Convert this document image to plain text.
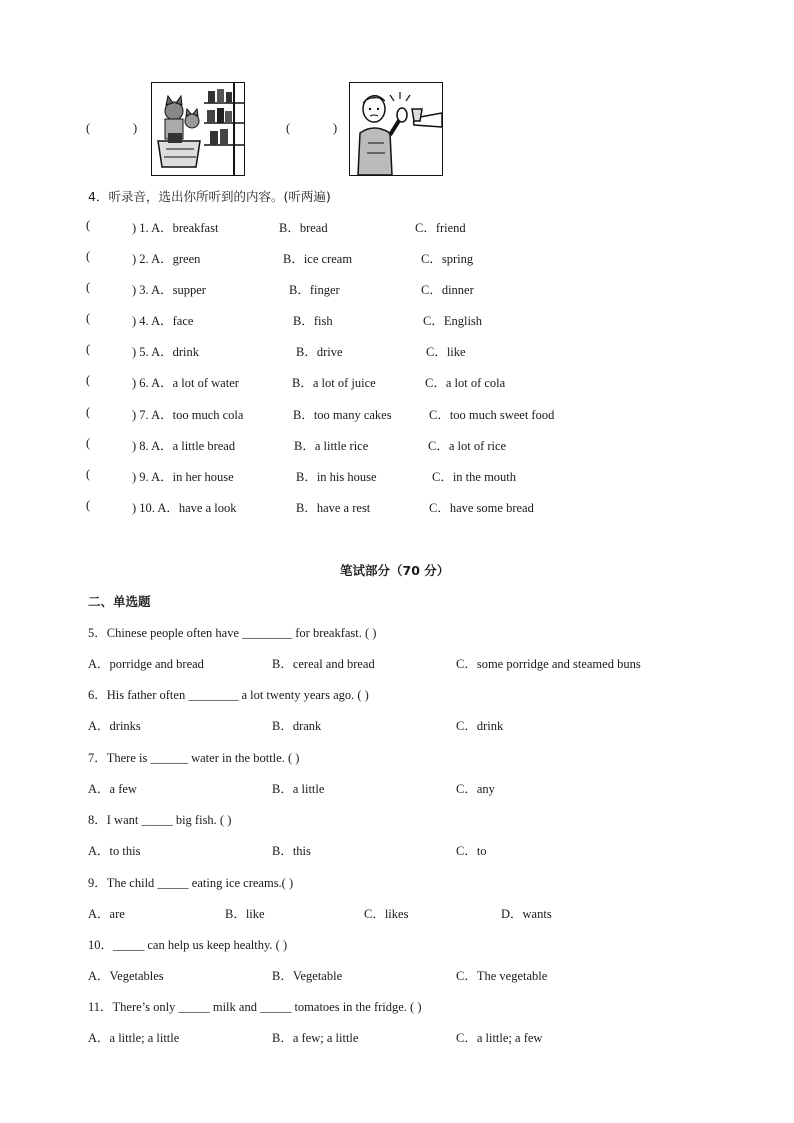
(	)	(	)
4．听录音，选出你所听到的内容。(听两遍)
(	) 1. A．breakfast	B．bread	C．friend
(	) 2. A．green	B．ice cream	C．spring
(	) 3. A．supper	B．finger	C．dinner
(	) 4. A．face	B．fish	C．English
(	) 5. A．drink	B．drive	C．like
(	) 6. A．a lot of water	B．a lot of juice	C．a lot of cola
(	) 7. A．too much cola	B．too many cakes	C．too much sweet food
(	) 8. A．a little bread	B．a little rice	C．a lot of rice
(	) 9. A．in her house	B．in his house	C．in the mouth
(	) 10. A．have a look	B．have a rest	C．have some bread
笔试部分（70 分）
二、单选题
5．Chinese people often have ________ for breakfast. ( )
A．porridge and bread	B．cereal and bread	C．some porridge and steamed buns
6．His father often ________ a lot twenty years ago. ( )
A．drinks	B．drank	C．drink
7．There is ______ water in the bottle. ( )
A．a few	B．a little	C．any
8．I want _____ big fish. ( )
A．to this	B．this	C．to
9．The child _____ eating ice creams.( )
A．are	B．like	C．likes	D．wants
10．_____ can help us keep healthy. ( )
A．Vegetables	B．Vegetable	C．The vegetable
11．There’s only _____ milk and _____ tomatoes in the fridge. ( )
A．a little; a little	B．a few; a little	C．a little; a few
